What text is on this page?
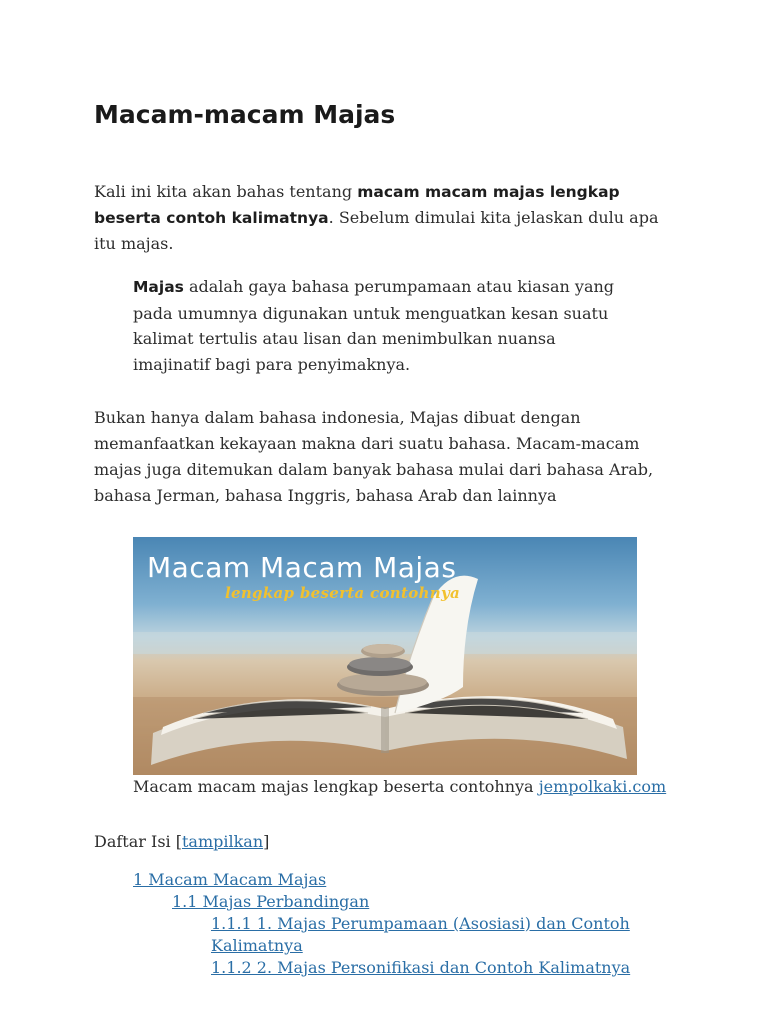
Macam-macam Majas

Kali ini kita akan bahas tentang macam macam majas lengkap beserta contoh kalimatnya. Sebelum dimulai kita jelaskan dulu apa itu majas.

Majas adalah gaya bahasa perumpamaan atau kiasan yang pada umumnya digunakan untuk menguatkan kesan suatu kalimat tertulis atau lisan dan menimbulkan nuansa imajinatif bagi para penyimaknya.

Bukan hanya dalam bahasa indonesia, Majas dibuat dengan memanfaatkan kekayaan makna dari suatu bahasa. Macam-macam majas juga ditemukan dalam banyak bahasa mulai dari bahasa Arab, bahasa Jerman, bahasa Inggris, bahasa Arab dan lainnya

Macam Macam Majas
lengkap beserta contohnya

Macam macam majas lengkap beserta contohnya jempolkaki.com

Daftar Isi [tampilkan]
1 Macam Macam Majas
1.1 Majas Perbandingan
1.1.1 1. Majas Perumpamaan (Asosiasi) dan Contoh Kalimatnya
1.1.2 2. Majas Personifikasi dan Contoh Kalimatnya
